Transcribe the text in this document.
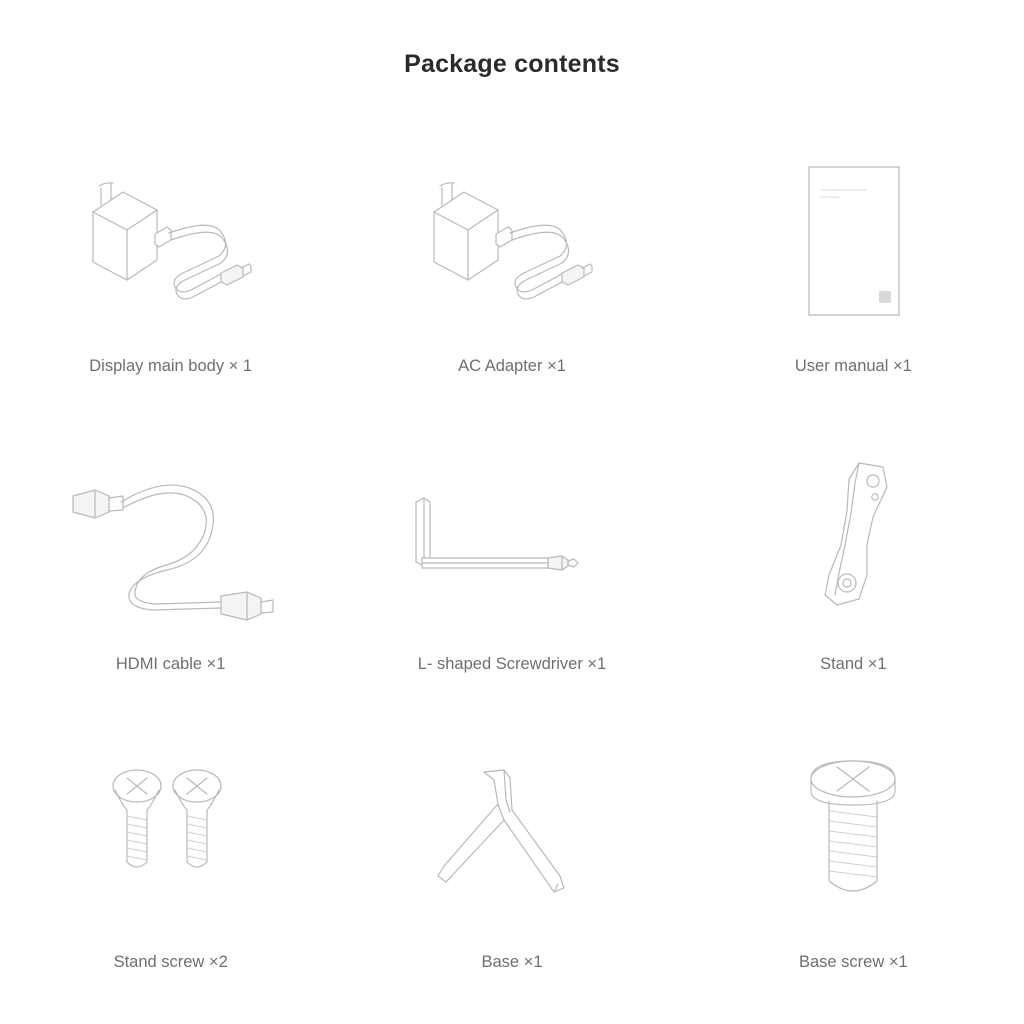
Package contents
Display main body × 1	AC Adapter ×1
Xiaomi Desktop Monitor 1A 23.8"
User Manual
User manual ×1
HDMI cable ×1	L- shaped Screwdriver ×1	Stand ×1
Stand screw ×2	Base ×1	Base screw ×1
